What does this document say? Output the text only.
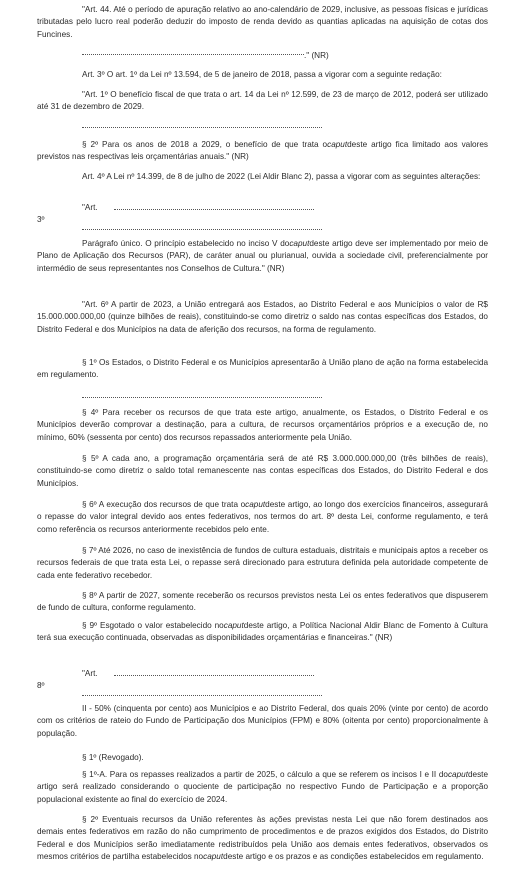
"Art. 44. Até o período de apuração relativo ao ano-calendário de 2029, inclusive, as pessoas físicas e jurídicas tributadas pelo lucro real poderão deduzir do imposto de renda devido as quantias aplicadas na aquisição de cotas dos Funcines.

." (NR)

Art. 3º O art. 1º da Lei nº 13.594, de 5 de janeiro de 2018, passa a vigorar com a seguinte redação:

"Art. 1º O benefício fiscal de que trata o art. 14 da Lei nº 12.599, de 23 de março de 2012, poderá ser utilizado até 31 de dezembro de 2029.

§ 2º Para os anos de 2018 a 2029, o benefício de que trata ocaputdeste artigo fica limitado aos valores previstos nas respectivas leis orçamentárias anuais." (NR)

Art. 4º A Lei nº 14.399, de 8 de julho de 2022 (Lei Aldir Blanc 2), passa a vigorar com as seguintes alterações:

"Art. 3º

Parágrafo único. O princípio estabelecido no inciso V docaputdeste artigo deve ser implementado por meio de Plano de Aplicação dos Recursos (PAR), de caráter anual ou plurianual, ouvida a sociedade civil, preferencialmente por intermédio de seus representantes nos Conselhos de Cultura." (NR)

"Art. 6º A partir de 2023, a União entregará aos Estados, ao Distrito Federal e aos Municípios o valor de R$ 15.000.000.000,00 (quinze bilhões de reais), constituindo-se como diretriz o saldo nas contas específicas dos Estados, do Distrito Federal e dos Municípios na data de aferição dos recursos, na forma de regulamento.

§ 1º Os Estados, o Distrito Federal e os Municípios apresentarão à União plano de ação na forma estabelecida em regulamento.

§ 4º Para receber os recursos de que trata este artigo, anualmente, os Estados, o Distrito Federal e os Municípios deverão comprovar a destinação, para a cultura, de recursos orçamentários próprios e a execução de, no mínimo, 60% (sessenta por cento) dos recursos repassados anteriormente pela União.

§ 5º A cada ano, a programação orçamentária será de até R$ 3.000.000.000,00 (três bilhões de reais), constituindo-se como diretriz o saldo total remanescente nas contas específicas dos Estados, do Distrito Federal e dos Municípios.

§ 6º A execução dos recursos de que trata ocaputdeste artigo, ao longo dos exercícios financeiros, assegurará o repasse do valor integral devido aos entes federativos, nos termos do art. 8º desta Lei, conforme regulamento, e terá como referência os recursos anteriormente recebidos pelo ente.

§ 7º Até 2026, no caso de inexistência de fundos de cultura estaduais, distritais e municipais aptos a receber os recursos federais de que trata esta Lei, o repasse será direcionado para estrutura definida pela autoridade competente de cada ente federativo recebedor.

§ 8º A partir de 2027, somente receberão os recursos previstos nesta Lei os entes federativos que dispuserem de fundo de cultura, conforme regulamento.

§ 9º Esgotado o valor estabelecido nocaputdeste artigo, a Política Nacional Aldir Blanc de Fomento à Cultura terá sua execução continuada, observadas as disponibilidades orçamentárias e financeiras." (NR)

"Art. 8º

II - 50% (cinquenta por cento) aos Municípios e ao Distrito Federal, dos quais 20% (vinte por cento) de acordo com os critérios de rateio do Fundo de Participação dos Municípios (FPM) e 80% (oitenta por cento) proporcionalmente à população.

§ 1º (Revogado).

§ 1º-A. Para os repasses realizados a partir de 2025, o cálculo a que se referem os incisos I e II docaputdeste artigo será realizado considerando o quociente de participação no respectivo Fundo de Participação e a proporção populacional existente ao final do exercício de 2024.

§ 2º Eventuais recursos da União referentes às ações previstas nesta Lei que não forem destinados aos demais entes federativos em razão do não cumprimento de procedimentos e de prazos exigidos dos Estados, do Distrito Federal e dos Municípios serão imediatamente redistribuídos pela União aos demais entes federativos, observados os mesmos critérios de partilha estabelecidos nocaputdeste artigo e os prazos e as condições estabelecidos em regulamento.
